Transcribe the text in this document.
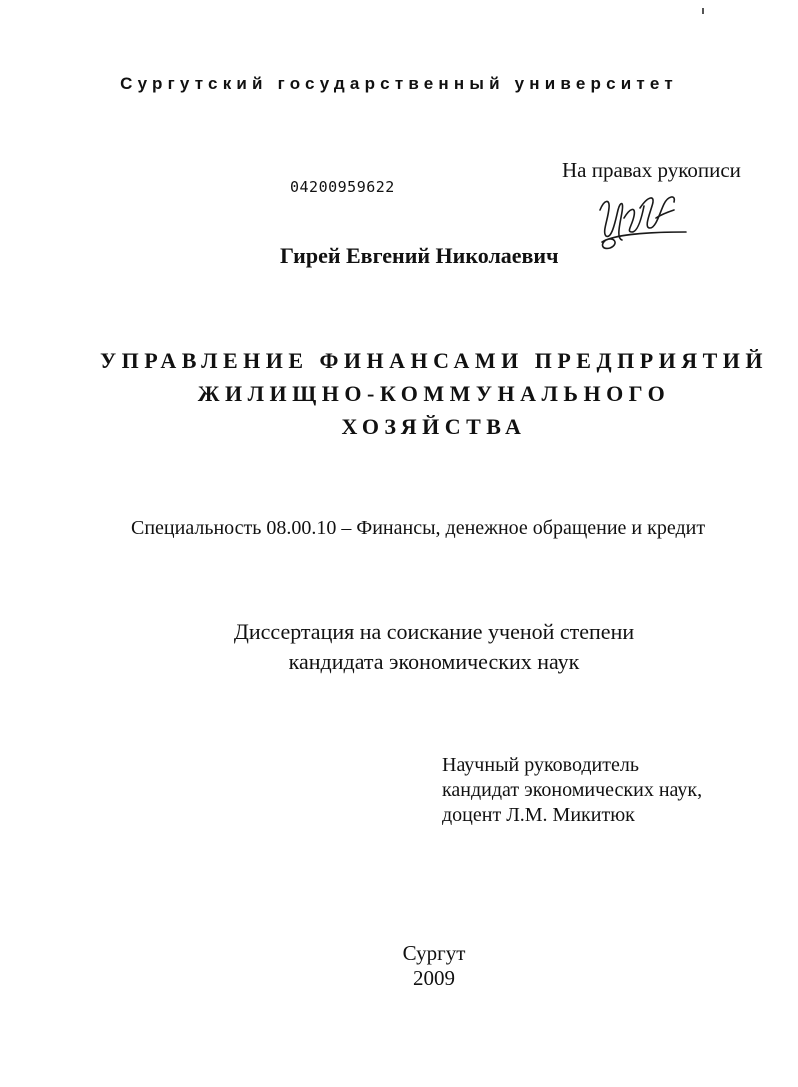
Сургутский государственный университет
На правах рукописи
04200959622
Гирей Евгений Николаевич
УПРАВЛЕНИЕ ФИНАНСАМИ ПРЕДПРИЯТИЙ
ЖИЛИЩНО-КОММУНАЛЬНОГО
ХОЗЯЙСТВА
Специальность 08.00.10 – Финансы, денежное обращение и кредит
Диссертация на соискание ученой степени
кандидата экономических наук
Научный руководитель
кандидат экономических наук,
доцент Л.М. Микитюк
Сургут
2009
